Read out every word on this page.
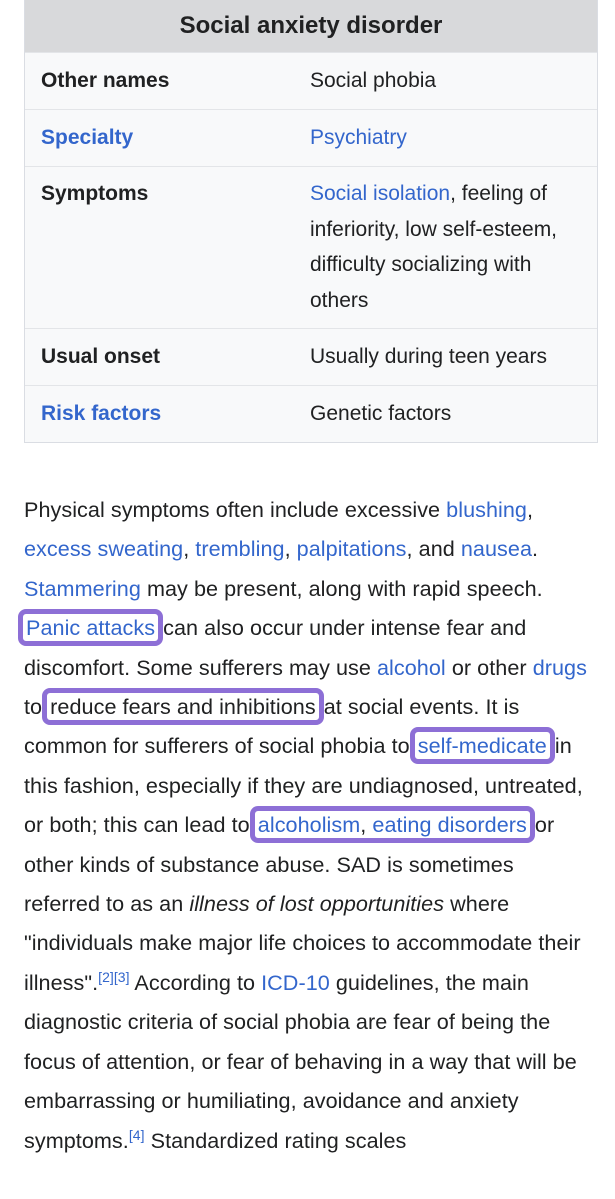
Social anxiety disorder
Other names	Social phobia
Specialty	Psychiatry
Symptoms	Social isolation, feeling of inferiority, low self-esteem, difficulty socializing with others
Usual onset	Usually during teen years
Risk factors	Genetic factors

Physical symptoms often include excessive blushing, excess sweating, trembling, palpitations, and nausea. Stammering may be present, along with rapid speech. Panic attacks can also occur under intense fear and discomfort. Some sufferers may use alcohol or other drugs to reduce fears and inhibitions at social events. It is common for sufferers of social phobia to self-medicate in this fashion, especially if they are undiagnosed, untreated, or both; this can lead to alcoholism, eating disorders or other kinds of substance abuse. SAD is sometimes referred to as an illness of lost opportunities where "individuals make major life choices to accommodate their illness".[2][3] According to ICD-10 guidelines, the main diagnostic criteria of social phobia are fear of being the focus of attention, or fear of behaving in a way that will be embarrassing or humiliating, avoidance and anxiety symptoms.[4] Standardized rating scales
